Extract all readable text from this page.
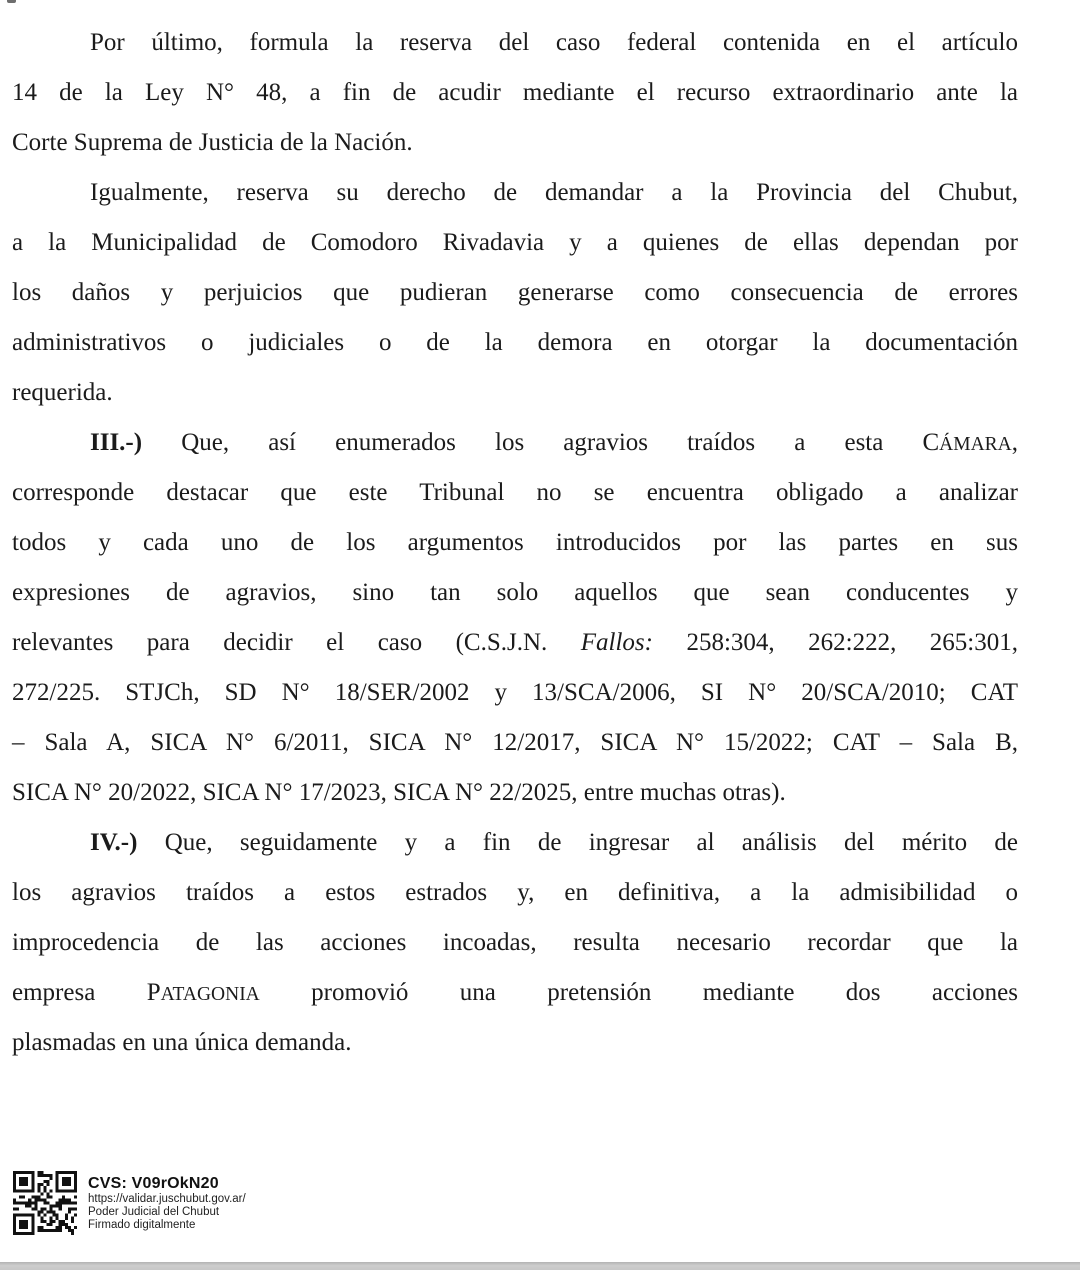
Por último, formula la reserva del caso federal contenida en el artículo
14 de la Ley N° 48, a fin de acudir mediante el recurso extraordinario ante la
Corte Suprema de Justicia de la Nación.
Igualmente, reserva su derecho de demandar a la Provincia del Chubut,
a la Municipalidad de Comodoro Rivadavia y a quienes de ellas dependan por
los daños y perjuicios que pudieran generarse como consecuencia de errores
administrativos o judiciales o de la demora en otorgar la documentación
requerida.
III.-) Que, así enumerados los agravios traídos a esta CÁMARA,
corresponde destacar que este Tribunal no se encuentra obligado a analizar
todos y cada uno de los argumentos introducidos por las partes en sus
expresiones de agravios, sino tan solo aquellos que sean conducentes y
relevantes para decidir el caso (C.S.J.N. Fallos: 258:304, 262:222, 265:301,
272/225. STJCh, SD N° 18/SER/2002 y 13/SCA/2006, SI N° 20/SCA/2010; CAT
– Sala A, SICA N° 6/2011, SICA N° 12/2017, SICA N° 15/2022; CAT – Sala B,
SICA N° 20/2022, SICA N° 17/2023, SICA N° 22/2025, entre muchas otras).
IV.-) Que, seguidamente y a fin de ingresar al análisis del mérito de
los agravios traídos a estos estrados y, en definitiva, a la admisibilidad o
improcedencia de las acciones incoadas, resulta necesario recordar que la
empresa PATAGONIA promovió una pretensión mediante dos acciones
plasmadas en una única demanda.
CVS: V09rOkN20
https://validar.juschubut.gov.ar/
Poder Judicial del Chubut
Firmado digitalmente
